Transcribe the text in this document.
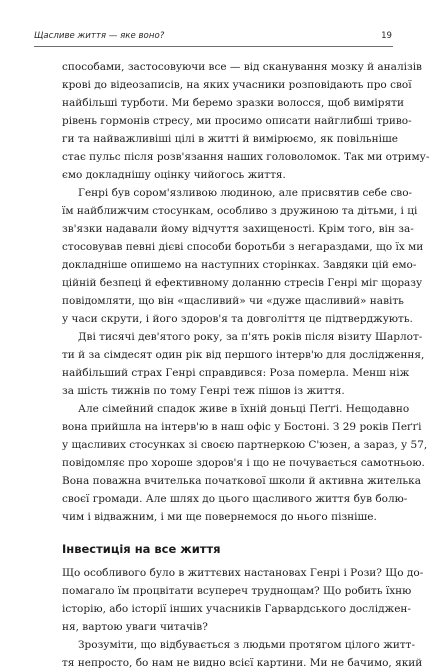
Щасливе життя — яке воно?	19
способами, застосовуючи все — від сканування мозку й аналізів
крові до відеозаписів, на яких учасники розповідають про свої
найбільші турботи. Ми беремо зразки волосся, щоб виміряти
рівень гормонів стресу, ми просимо описати найглибші триво-
ги та найважливіші цілі в житті й вимірюємо, як повільніше
стає пульс після розв'язання наших головоломок. Так ми отриму-
ємо докладнішу оцінку чийогось життя.
Генрі був сором'язливою людиною, але присвятив себе сво-
їм найближчим стосункам, особливо з дружиною та дітьми, і ці
зв'язки надавали йому відчуття захищеності. Крім того, він за-
стосовував певні дієві способи боротьби з негараздами, що їх ми
докладніше опишемо на наступних сторінках. Завдяки цій емо-
ційній безпеці й ефективному доланню стресів Генрі міг щоразу
повідомляти, що він «щасливий» чи «дуже щасливий» навіть
у часи скрути, і його здоров'я та довголіття це підтверджують.
Дві тисячі дев'ятого року, за п'ять років після візиту Шарлот-
ти й за сімдесят один рік від першого інтерв'ю для дослідження,
найбільший страх Генрі справдився: Роза померла. Менш ніж
за шість тижнів по тому Генрі теж пішов із життя.
Але сімейний спадок живе в їхній доньці Пеґґі. Нещодавно
вона прийшла на інтерв'ю в наш офіс у Бостоні. З 29 років Пеґґі
у щасливих стосунках зі своєю партнеркою С'юзен, а зараз, у 57,
повідомляє про хороше здоров'я і що не почувається самотньою.
Вона поважна вчителька початкової школи й активна жителька
своєї громади. Але шлях до цього щасливого життя був болю-
чим і відважним, і ми ще повернемося до нього пізніше.
Інвестиція на все життя
Що особливого було в життєвих настановах Генрі і Рози? Що до-
помагало їм процвітати всупереч труднощам? Що робить їхню
історію, або історії інших учасників Гарвардського досліджен-
ня, вартою уваги читачів?
Зрозуміти, що відбувається з людьми протягом цілого житт-
тя непросто, бо нам не видно всієї картини. Ми не бачимо, який
